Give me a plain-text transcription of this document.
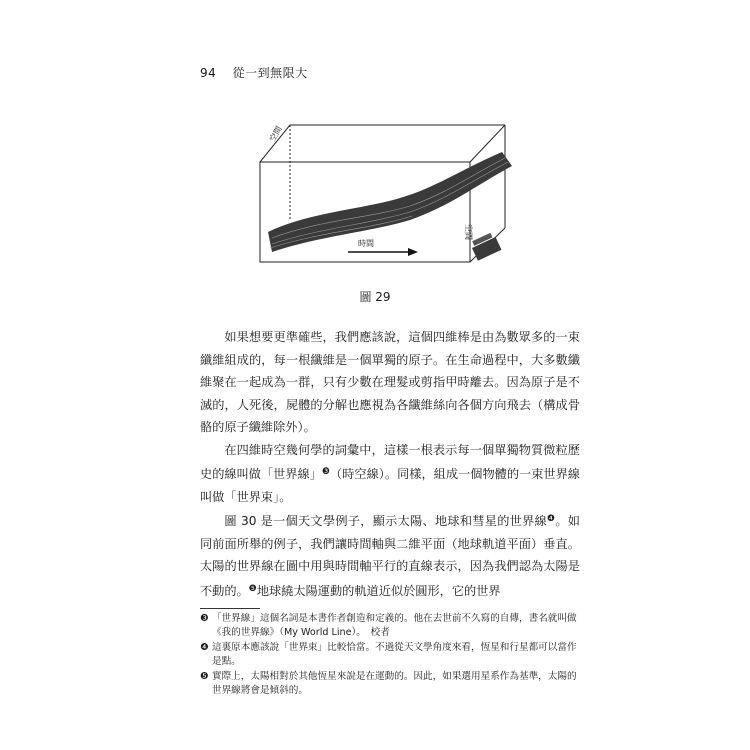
94 從一到無限大
時間
空間
空間
圖 29

如果想要更準確些，我們應該說，這個四維棒是由為數眾多的一束纖維組成的，每一根纖維是一個單獨的原子。在生命過程中，大多數纖維聚在一起成為一群，只有少數在理髮或剪指甲時離去。因為原子是不滅的，人死後，屍體的分解也應視為各纖維絲向各個方向飛去（構成骨骼的原子纖維除外）。

在四維時空幾何學的詞彙中，這樣一根表示每一個單獨物質微粒歷史的線叫做「世界線」$^❸$（時空線）。同樣，組成一個物體的一束世界線叫做「世界束」。

圖 30 是一個天文學例子，顯示太陽、地球和彗星的世界線$^❹$。如同前面所舉的例子，我們讓時間軸與二維平面（地球軌道平面）垂直。太陽的世界線在圖中用與時間軸平行的直線表示，因為我們認為太陽是不動的。$^❺$地球繞太陽運動的軌道近似於圓形，它的世界

❸ 「世界線」這個名詞是本書作者創造和定義的。他在去世前不久寫的自傳，書名就叫做《我的世界線》（My World Line）。　校者
❹ 這裏原本應該說「世界束」比較恰當。不過從天文學角度來看，恆星和行星都可以當作是點。
❺ 實際上，太陽相對於其他恆星來說是在運動的。因此，如果選用星系作為基準，太陽的世界線將會是傾斜的。
